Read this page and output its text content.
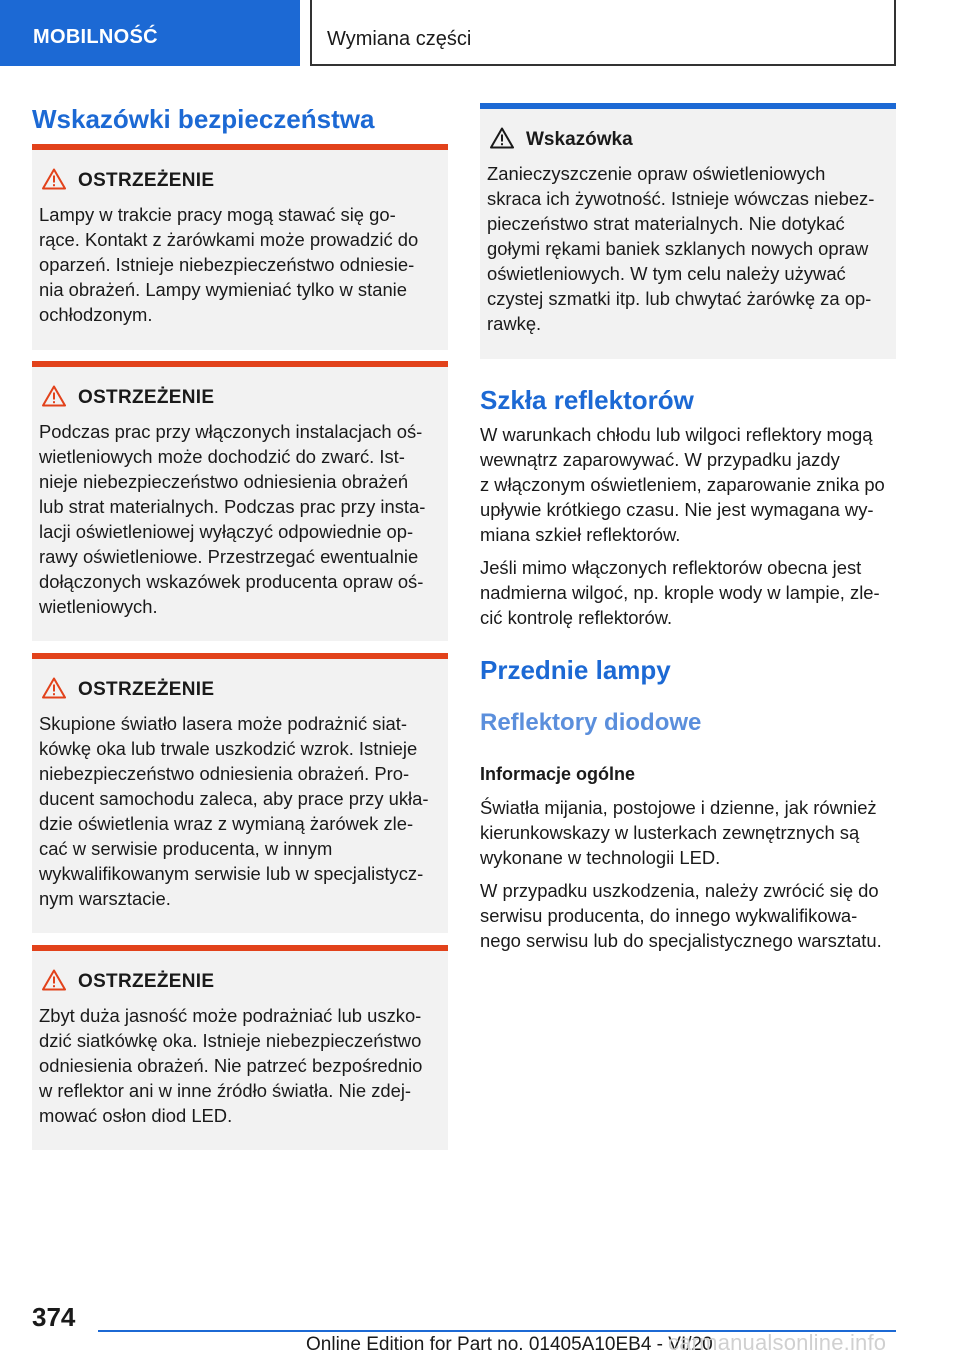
MOBILNOŚĆ	Wymiana części
Wskazówki bezpieczeństwa
OSTRZEŻENIE
Lampy w trakcie pracy mogą stawać się go-
rące. Kontakt z żarówkami może prowadzić do
oparzeń. Istnieje niebezpieczeństwo odniesie-
nia obrażeń. Lampy wymieniać tylko w stanie
ochłodzonym.
OSTRZEŻENIE
Podczas prac przy włączonych instalacjach oś-
wietleniowych może dochodzić do zwarć. Ist-
nieje niebezpieczeństwo odniesienia obrażeń
lub strat materialnych. Podczas prac przy insta-
lacji oświetleniowej wyłączyć odpowiednie op-
rawy oświetleniowe. Przestrzegać ewentualnie
dołączonych wskazówek producenta opraw oś-
wietleniowych.
OSTRZEŻENIE
Skupione światło lasera może podrażnić siat-
kówkę oka lub trwale uszkodzić wzrok. Istnieje
niebezpieczeństwo odniesienia obrażeń. Pro-
ducent samochodu zaleca, aby prace przy ukła-
dzie oświetlenia wraz z wymianą żarówek zle-
cać w serwisie producenta, w innym
wykwalifikowanym serwisie lub w specjalistycz-
nym warsztacie.
OSTRZEŻENIE
Zbyt duża jasność może podrażniać lub uszko-
dzić siatkówkę oka. Istnieje niebezpieczeństwo
odniesienia obrażeń. Nie patrzeć bezpośrednio
w reflektor ani w inne źródło światła. Nie zdej-
mować osłon diod LED.
Wskazówka
Zanieczyszczenie opraw oświetleniowych
skraca ich żywotność. Istnieje wówczas niebez-
pieczeństwo strat materialnych. Nie dotykać
gołymi rękami baniek szklanych nowych opraw
oświetleniowych. W tym celu należy używać
czystej szmatki itp. lub chwytać żarówkę za op-
rawkę.
Szkła reflektorów
W warunkach chłodu lub wilgoci reflektory mogą
wewnątrz zaparowywać. W przypadku jazdy
z włączonym oświetleniem, zaparowanie znika po
upływie krótkiego czasu. Nie jest wymagana wy-
miana szkieł reflektorów.
Jeśli mimo włączonych reflektorów obecna jest
nadmierna wilgoć, np. krople wody w lampie, zle-
cić kontrolę reflektorów.
Przednie lampy
Reflektory diodowe
Informacje ogólne
Światła mijania, postojowe i dzienne, jak również
kierunkowskazy w lusterkach zewnętrznych są
wykonane w technologii LED.
W przypadku uszkodzenia, należy zwrócić się do
serwisu producenta, do innego wykwalifikowa-
nego serwisu lub do specjalistycznego warsztatu.
374
Online Edition for Part no. 01405A10EB4 - VI/20
carmanualsonline.info
